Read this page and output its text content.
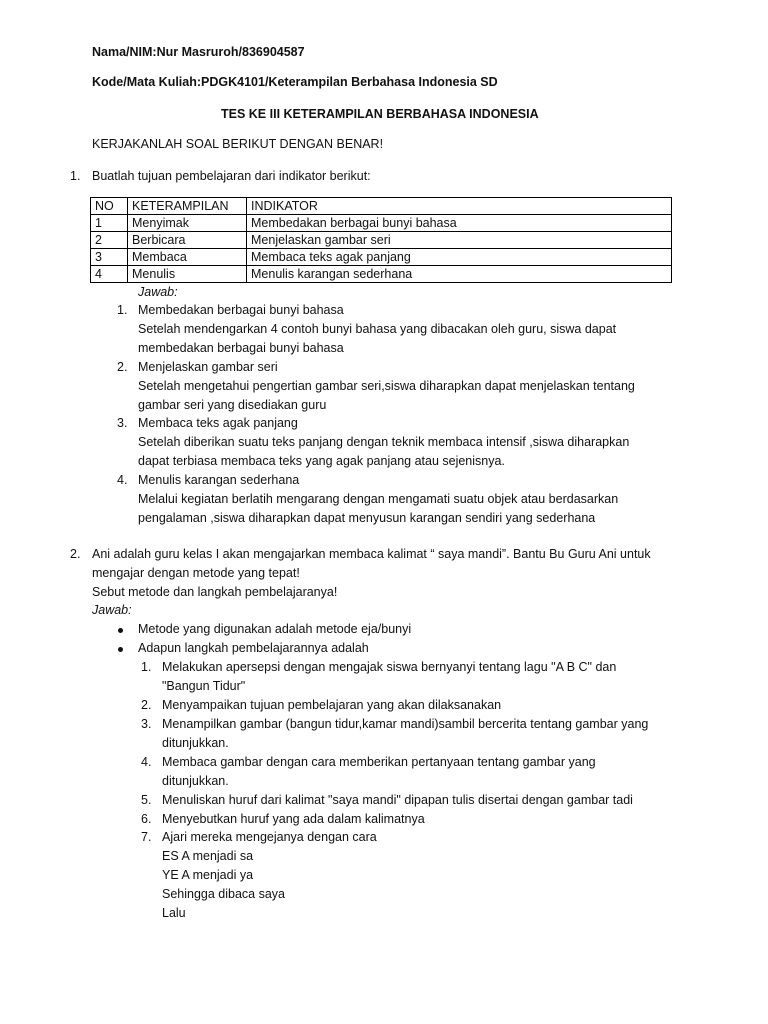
Nama/NIM:Nur Masruroh/836904587
Kode/Mata Kuliah:PDGK4101/Keterampilan Berbahasa Indonesia SD
TES KE III KETERAMPILAN BERBAHASA INDONESIA
KERJAKANLAH SOAL BERIKUT DENGAN BENAR!
1. Buatlah tujuan pembelajaran dari indikator berikut:
NO	KETERAMPILAN	INDIKATOR
1	Menyimak	Membedakan berbagai bunyi bahasa
2	Berbicara	Menjelaskan gambar seri
3	Membaca	Membaca teks agak panjang
4	Menulis	Menulis karangan sederhana
Jawab:
1. Membedakan berbagai bunyi bahasa
Setelah mendengarkan 4 contoh bunyi bahasa yang dibacakan oleh guru, siswa dapat
membedakan berbagai bunyi bahasa
2. Menjelaskan gambar seri
Setelah mengetahui pengertian gambar seri,siswa diharapkan dapat menjelaskan tentang
gambar seri yang disediakan guru
3. Membaca teks agak panjang
Setelah diberikan suatu teks panjang dengan teknik membaca intensif ,siswa diharapkan
dapat terbiasa membaca teks yang agak panjang atau sejenisnya.
4. Menulis karangan sederhana
Melalui kegiatan berlatih mengarang dengan mengamati suatu objek atau berdasarkan
pengalaman ,siswa diharapkan dapat menyusun karangan sendiri yang sederhana
2. Ani adalah guru kelas I akan mengajarkan membaca kalimat “ saya mandi”. Bantu Bu Guru Ani untuk
mengajar dengan metode yang tepat!
Sebut metode dan langkah pembelajaranya!
Jawab:
Metode yang digunakan adalah metode eja/bunyi
Adapun langkah pembelajarannya adalah
1. Melakukan apersepsi dengan mengajak siswa bernyanyi tentang lagu "A B C" dan
"Bangun Tidur"
2. Menyampaikan tujuan pembelajaran yang akan dilaksanakan
3. Menampilkan gambar (bangun tidur,kamar mandi)sambil bercerita tentang gambar yang
ditunjukkan.
4. Membaca gambar dengan cara memberikan pertanyaan tentang gambar yang
ditunjukkan.
5. Menuliskan huruf dari kalimat "saya mandi" dipapan tulis disertai dengan gambar tadi
6. Menyebutkan huruf yang ada dalam kalimatnya
7. Ajari mereka mengejanya dengan cara
ES A menjadi sa
YE A menjadi ya
Sehingga dibaca saya
Lalu
